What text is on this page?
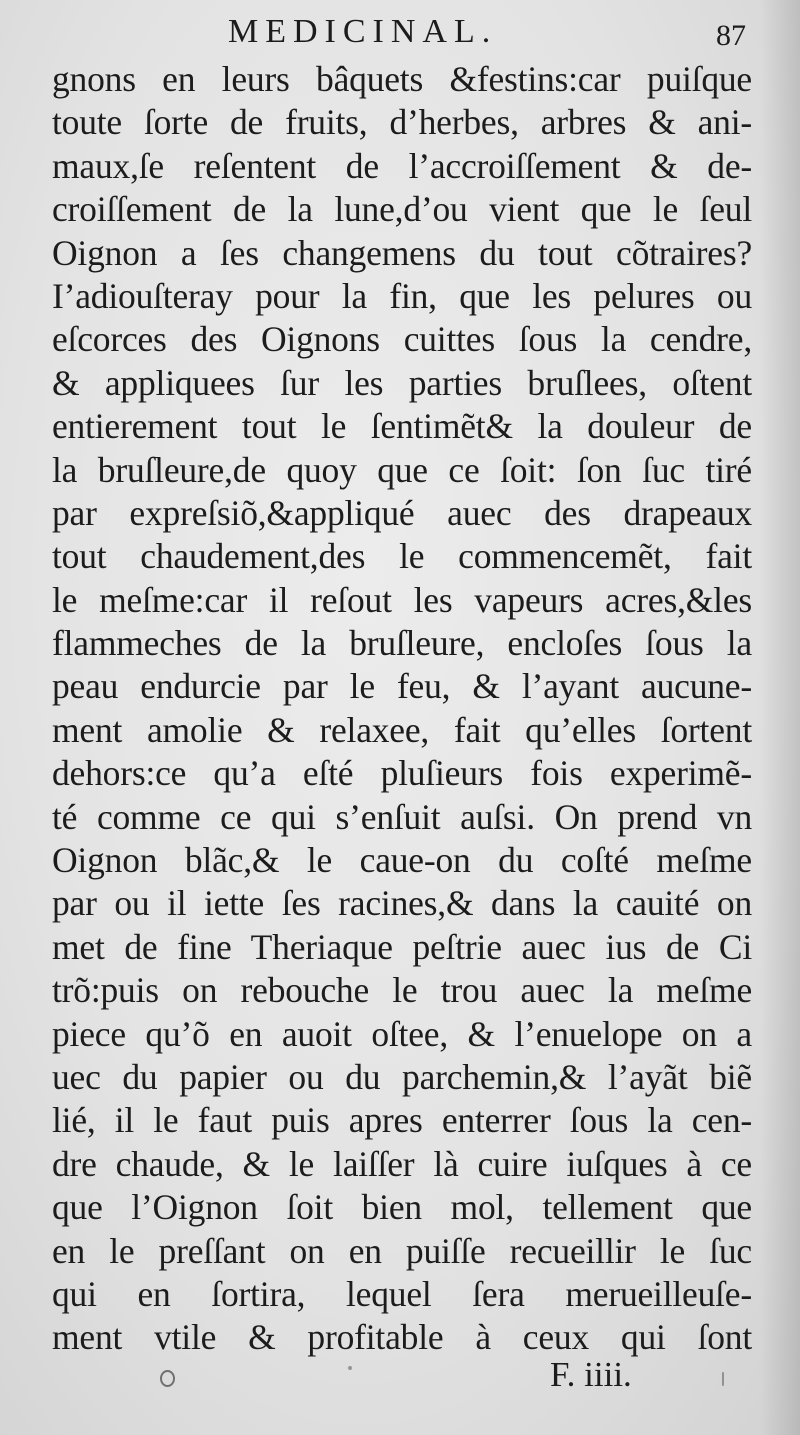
MEDICINAL.	87
gnons en leurs bâquets &festins:car puiſque
toute ſorte de fruits, d’herbes, arbres & ani-
maux,ſe reſentent de l’accroiſſement & de-
croiſſement de la lune,d’ou vient que le ſeul
Oignon a ſes changemens du tout cõtraires?
I’adiouſteray pour la fin, que les pelures ou
eſcorces des Oignons cuittes ſous la cendre,
& appliquees ſur les parties bruſlees, oſtent
entierement tout le ſentimẽt& la douleur de
la bruſleure,de quoy que ce ſoit: ſon ſuc tiré
par expreſsiõ,&appliqué auec des drapeaux
tout chaudement,des le commencemẽt, fait
le meſme:car il reſout les vapeurs acres,&les
flammeches de la bruſleure, encloſes ſous la
peau endurcie par le feu, & l’ayant aucune-
ment amolie & relaxee, fait qu’elles ſortent
dehors:ce qu’a eſté pluſieurs fois experimẽ-
té comme ce qui s’enſuit auſsi. On prend vn
Oignon blãc,& le caue-on du coſté meſme
par ou il iette ſes racines,& dans la cauité on
met de fine Theriaque peſtrie auec ius de Ci
trõ:puis on rebouche le trou auec la meſme
piece qu’õ en auoit oſtee, & l’enuelope on a
uec du papier ou du parchemin,& l’ayãt biẽ
lié, il le faut puis apres enterrer ſous la cen-
dre chaude, & le laiſſer là cuire iuſques à ce
que l’Oignon ſoit bien mol, tellement que
en le preſſant on en puiſſe recueillir le ſuc
qui en ſortira, lequel ſera merueilleuſe-
ment vtile & profitable à ceux qui ſont
F. iiii.
